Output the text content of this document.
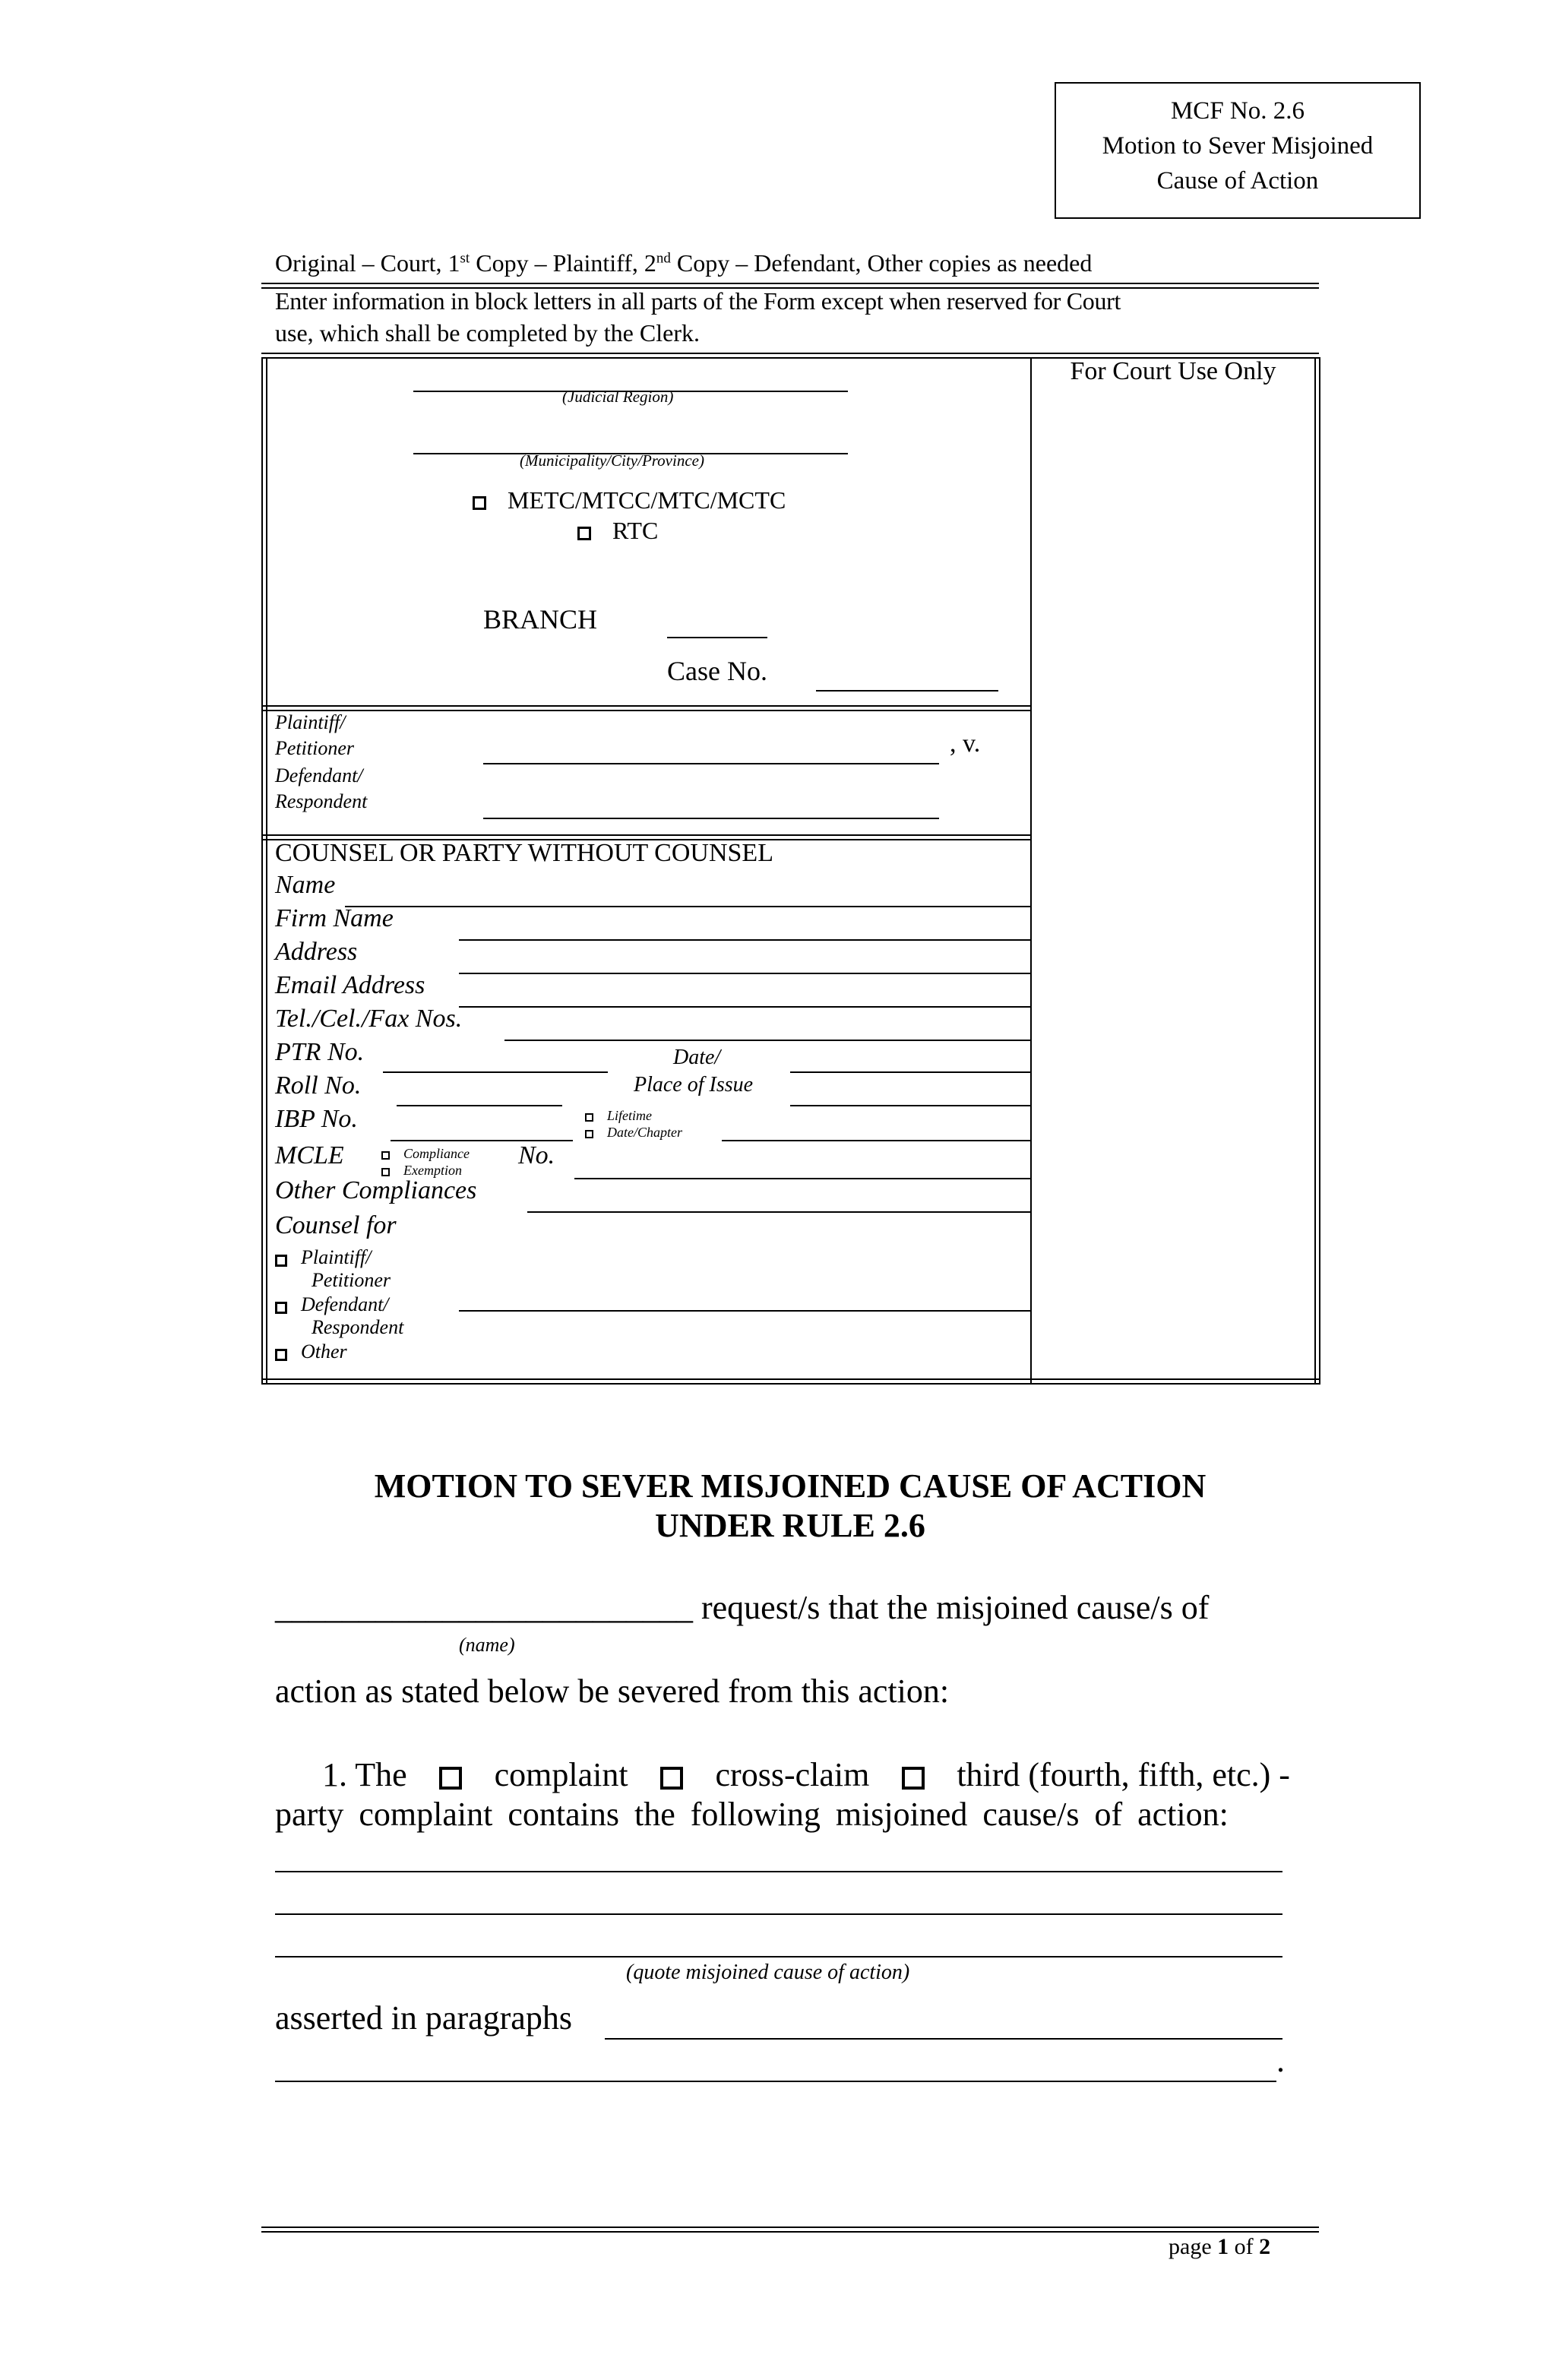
MCF No. 2.6
Motion to Sever Misjoined
Cause of Action
Original – Court, 1st Copy – Plaintiff, 2nd Copy – Defendant, Other copies as needed
Enter information in block letters in all parts of the Form except when reserved for Court
use, which shall be completed by the Clerk.
For Court Use Only
(Judicial Region)
(Municipality/City/Province)
METC/MTCC/MTC/MCTC
RTC
BRANCH
Case No.
Plaintiff/
Petitioner	, v.
Defendant/
Respondent
COUNSEL OR PARTY WITHOUT COUNSEL
Name
Firm Name
Address
Email Address
Tel./Cel./Fax Nos.
PTR No.	Date/
Roll No.	Place of Issue
IBP No.	Lifetime
Date/Chapter
MCLE	Compliance
Exemption
No.
Other Compliances
Counsel for
Plaintiff/
Petitioner
Defendant/
Respondent
Other
MOTION TO SEVER MISJOINED CAUSE OF ACTION
UNDER RULE 2.6
_________________________ request/s that the misjoined cause/s of
(name)
action as stated below be severed from this action:
1. The	complaint	cross-claim	third (fourth, fifth, etc.) -
party complaint contains the following misjoined cause/s of action:
(quote misjoined cause of action)
asserted in paragraphs
.
page 1 of 2
